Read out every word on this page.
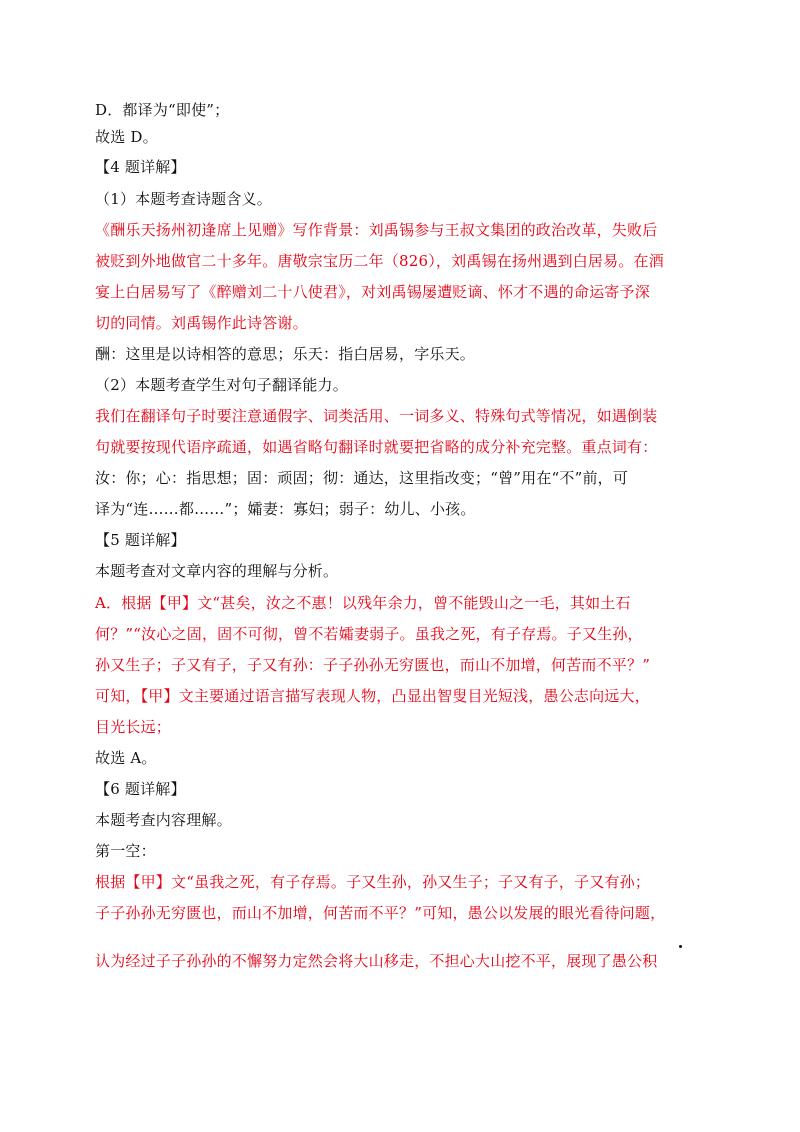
D．都译为“即使”；
故选 D。
【4 题详解】
（1）本题考查诗题含义。
《酬乐天扬州初逢席上见赠》写作背景：刘禹锡参与王叔文集团的政治改革，失败后
被贬到外地做官二十多年。唐敬宗宝历二年（826），刘禹锡在扬州遇到白居易。在酒
宴上白居易写了《醉赠刘二十八使君》，对刘禹锡屡遭贬谪、怀才不遇的命运寄予深
切的同情。刘禹锡作此诗答谢。
酬：这里是以诗相答的意思；乐天：指白居易，字乐天。
（2）本题考查学生对句子翻译能力。
我们在翻译句子时要注意通假字、词类活用、一词多义、特殊句式等情况，如遇倒装
句就要按现代语序疏通，如遇省略句翻译时就要把省略的成分补充完整。重点词有：
汝：你；心：指思想；固：顽固；彻：通达，这里指改变；“曾”用在“不”前，可
译为“连……都……”；孀妻：寡妇；弱子：幼儿、小孩。
【5 题详解】
本题考查对文章内容的理解与分析。
A．根据【甲】文“甚矣，汝之不惠！以残年余力，曾不能毁山之一毛，其如土石
何？”“汝心之固，固不可彻，曾不若孀妻弱子。虽我之死，有子存焉。子又生孙，
孙又生子；子又有子，子又有孙：子子孙孙无穷匮也，而山不加增，何苦而不平？”
可知，【甲】文主要通过语言描写表现人物，凸显出智叟目光短浅，愚公志向远大，
目光长远；
故选 A。
【6 题详解】
本题考查内容理解。
第一空：
根据【甲】文“虽我之死，有子存焉。子又生孙，孙又生子；子又有子，子又有孙；
子子孙孙无穷匮也，而山不加增，何苦而不平？”可知，愚公以发展的眼光看待问题，
认为经过子子孙孙的不懈努力定然会将大山移走，不担心大山挖不平，展现了愚公积
